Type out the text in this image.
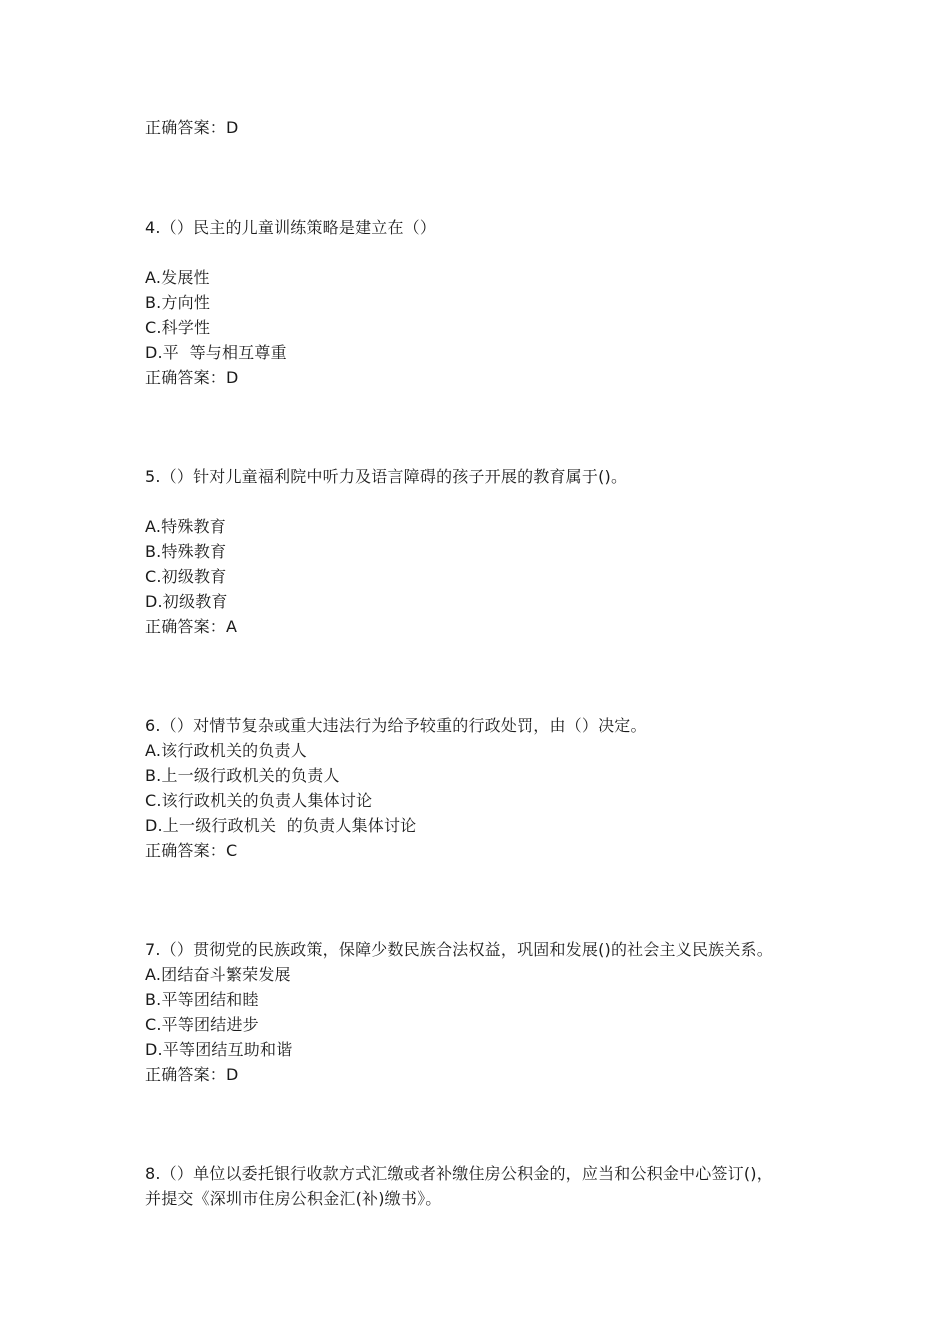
正确答案：D
4.（）民主的儿童训练策略是建立在（）
A.发展性
B.方向性
C.科学性
D.平  等与相互尊重
正确答案：D
5.（）针对儿童福利院中听力及语言障碍的孩子开展的教育属于()。
A.特殊教育
B.特殊教育
C.初级教育
D.初级教育
正确答案：A
6.（）对情节复杂或重大违法行为给予较重的行政处罚，由（）决定。
A.该行政机关的负责人
B.上一级行政机关的负责人
C.该行政机关的负责人集体讨论
D.上一级行政机关  的负责人集体讨论
正确答案：C
7.（）贯彻党的民族政策，保障少数民族合法权益，巩固和发展()的社会主义民族关系。
A.团结奋斗繁荣发展
B.平等团结和睦
C.平等团结进步
D.平等团结互助和谐
正确答案：D
8.（）单位以委托银行收款方式汇缴或者补缴住房公积金的，应当和公积金中心签订()，
并提交《深圳市住房公积金汇(补)缴书》。
